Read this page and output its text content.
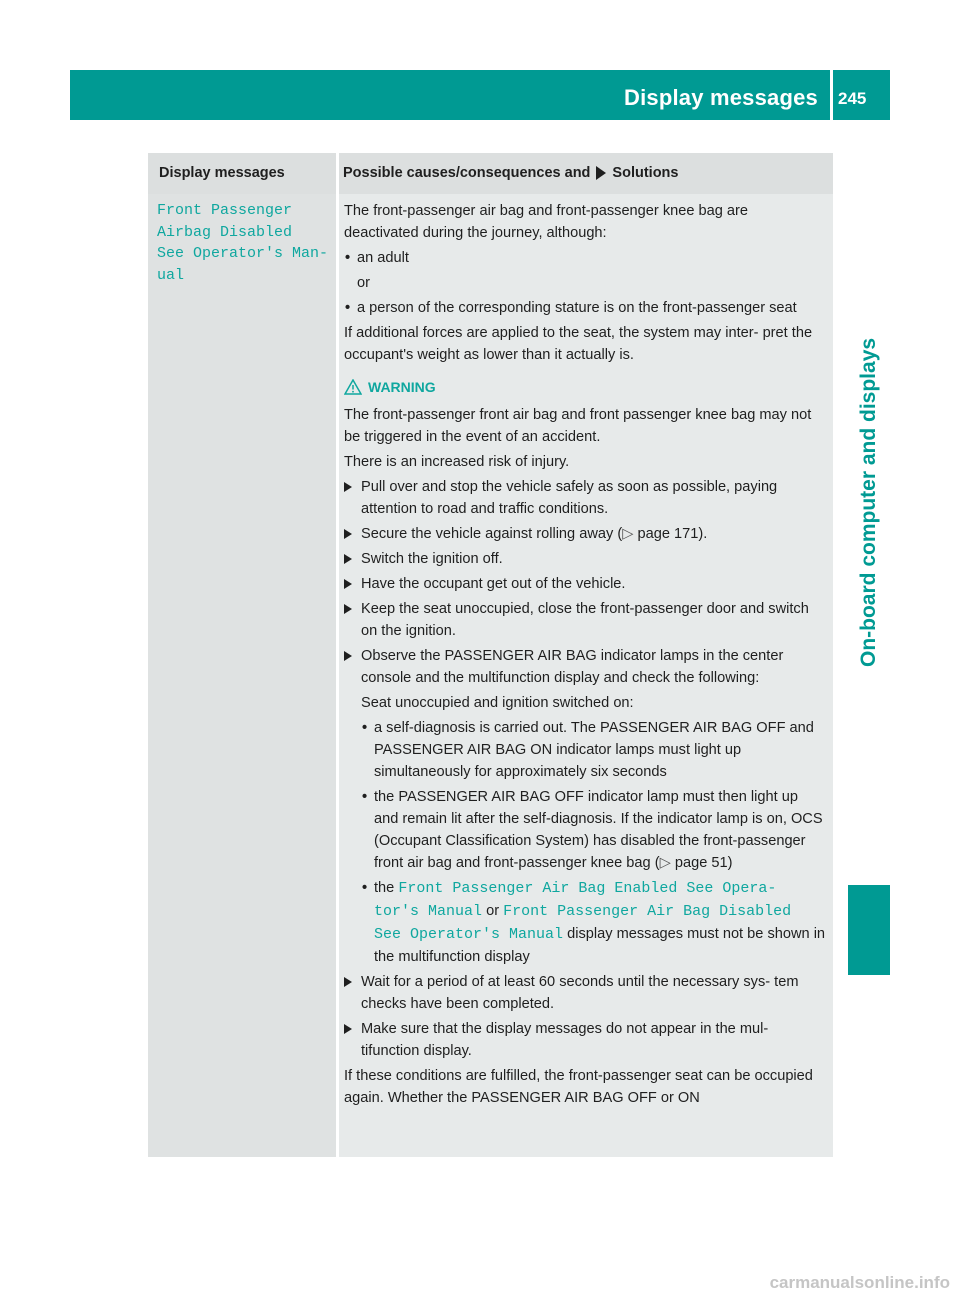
Display messages 245
On-board computer and displays
Display messages	Possible causes/consequences and Solutions
Front Passenger
Airbag Disabled
See Operator's Man‐
ual
The front-passenger air bag and front-passenger knee bag are deactivated during the journey, although:
• an adult
or
• a person of the corresponding stature is on the front-passenger seat
If additional forces are applied to the seat, the system may inter- pret the occupant's weight as lower than it actually is.
WARNING
The front-passenger front air bag and front passenger knee bag may not be triggered in the event of an accident.
There is an increased risk of injury.
Pull over and stop the vehicle safely as soon as possible, paying attention to road and traffic conditions.
Secure the vehicle against rolling away (▷ page 171).
Switch the ignition off.
Have the occupant get out of the vehicle.
Keep the seat unoccupied, close the front-passenger door and switch on the ignition.
Observe the PASSENGER AIR BAG indicator lamps in the center console and the multifunction display and check the following:
Seat unoccupied and ignition switched on:
• a self-diagnosis is carried out. The PASSENGER AIR BAG OFF and PASSENGER AIR BAG ON indicator lamps must light up simultaneously for approximately six seconds
• the PASSENGER AIR BAG OFF indicator lamp must then light up and remain lit after the self-diagnosis. If the indicator lamp is on, OCS (Occupant Classification System) has disabled the front-passenger front air bag and front-passenger knee bag (▷ page 51)
• the Front Passenger Air Bag Enabled See Opera‐ tor's Manual or Front Passenger Air Bag Disabled See Operator's Manual display messages must not be shown in the multifunction display
Wait for a period of at least 60 seconds until the necessary sys- tem checks have been completed.
Make sure that the display messages do not appear in the mul- tifunction display.
If these conditions are fulfilled, the front-passenger seat can be occupied again. Whether the PASSENGER AIR BAG OFF or ON
carmanualsonline.info
